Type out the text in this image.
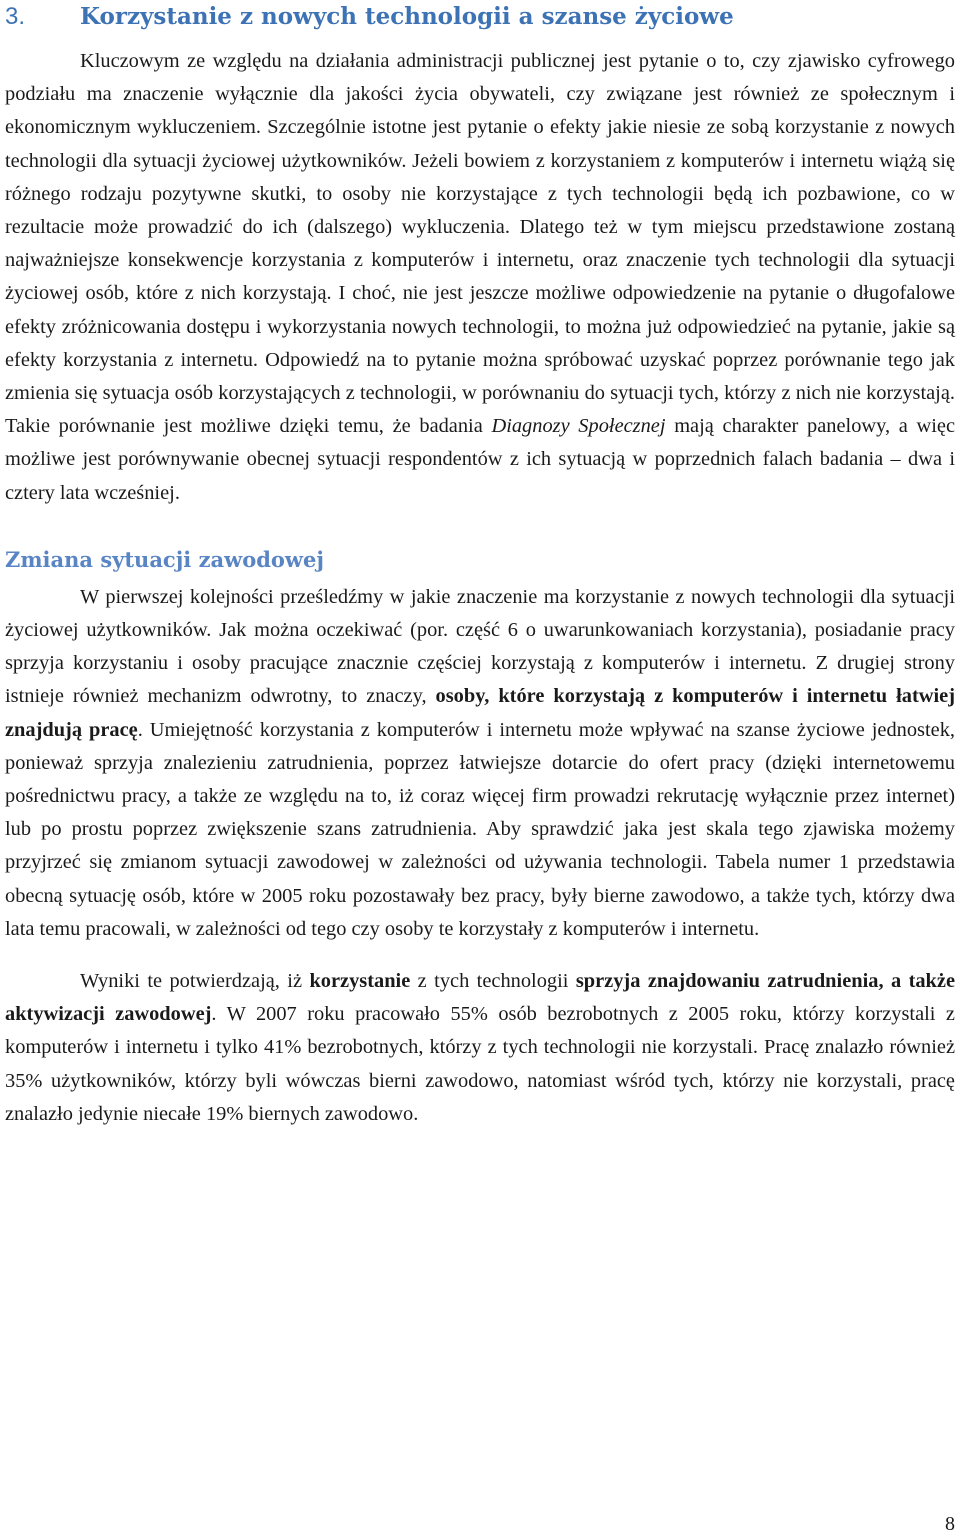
3. Korzystanie z nowych technologii a szanse życiowe

Kluczowym ze względu na działania administracji publicznej jest pytanie o to, czy zjawisko cyfrowego podziału ma znaczenie wyłącznie dla jakości życia obywateli, czy związane jest również ze społecznym i ekonomicznym wykluczeniem. Szczególnie istotne jest pytanie o efekty jakie niesie ze sobą korzystanie z nowych technologii dla sytuacji życiowej użytkowników. Jeżeli bowiem z korzystaniem z komputerów i internetu wiążą się różnego rodzaju pozytywne skutki, to osoby nie korzystające z tych technologii będą ich pozbawione, co w rezultacie może prowadzić do ich (dalszego) wykluczenia. Dlatego też w tym miejscu przedstawione zostaną najważniejsze konsekwencje korzystania z komputerów i internetu, oraz znaczenie tych technologii dla sytuacji życiowej osób, które z nich korzystają. I choć, nie jest jeszcze możliwe odpowiedzenie na pytanie o długofalowe efekty zróżnicowania dostępu i wykorzystania nowych technologii, to można już odpowiedzieć na pytanie, jakie są efekty korzystania z internetu. Odpowiedź na to pytanie można spróbować uzyskać poprzez porównanie tego jak zmienia się sytuacja osób korzystających z technologii, w porównaniu do sytuacji tych, którzy z nich nie korzystają. Takie porównanie jest możliwe dzięki temu, że badania Diagnozy Społecznej mają charakter panelowy, a więc możliwe jest porównywanie obecnej sytuacji respondentów z ich sytuacją w poprzednich falach badania – dwa i cztery lata wcześniej.

Zmiana sytuacji zawodowej

W pierwszej kolejności prześledźmy w jakie znaczenie ma korzystanie z nowych technologii dla sytuacji życiowej użytkowników. Jak można oczekiwać (por. część 6 o uwarunkowaniach korzystania), posiadanie pracy sprzyja korzystaniu i osoby pracujące znacznie częściej korzystają z komputerów i internetu. Z drugiej strony istnieje również mechanizm odwrotny, to znaczy, osoby, które korzystają z komputerów i internetu łatwiej znajdują pracę. Umiejętność korzystania z komputerów i internetu może wpływać na szanse życiowe jednostek, ponieważ sprzyja znalezieniu zatrudnienia, poprzez łatwiejsze dotarcie do ofert pracy (dzięki internetowemu pośrednictwu pracy, a także ze względu na to, iż coraz więcej firm prowadzi rekrutację wyłącznie przez internet) lub po prostu poprzez zwiększenie szans zatrudnienia. Aby sprawdzić jaka jest skala tego zjawiska możemy przyjrzeć się zmianom sytuacji zawodowej w zależności od używania technologii. Tabela numer 1 przedstawia obecną sytuację osób, które w 2005 roku pozostawały bez pracy, były bierne zawodowo, a także tych, którzy dwa lata temu pracowali, w zależności od tego czy osoby te korzystały z komputerów i internetu.

Wyniki te potwierdzają, iż korzystanie z tych technologii sprzyja znajdowaniu zatrudnienia, a także aktywizacji zawodowej. W 2007 roku pracowało 55% osób bezrobotnych z 2005 roku, którzy korzystali z komputerów i internetu i tylko 41% bezrobotnych, którzy z tych technologii nie korzystali. Pracę znalazło również 35% użytkowników, którzy byli wówczas bierni zawodowo, natomiast wśród tych, którzy nie korzystali, pracę znalazło jedynie niecałe 19% biernych zawodowo.

8
